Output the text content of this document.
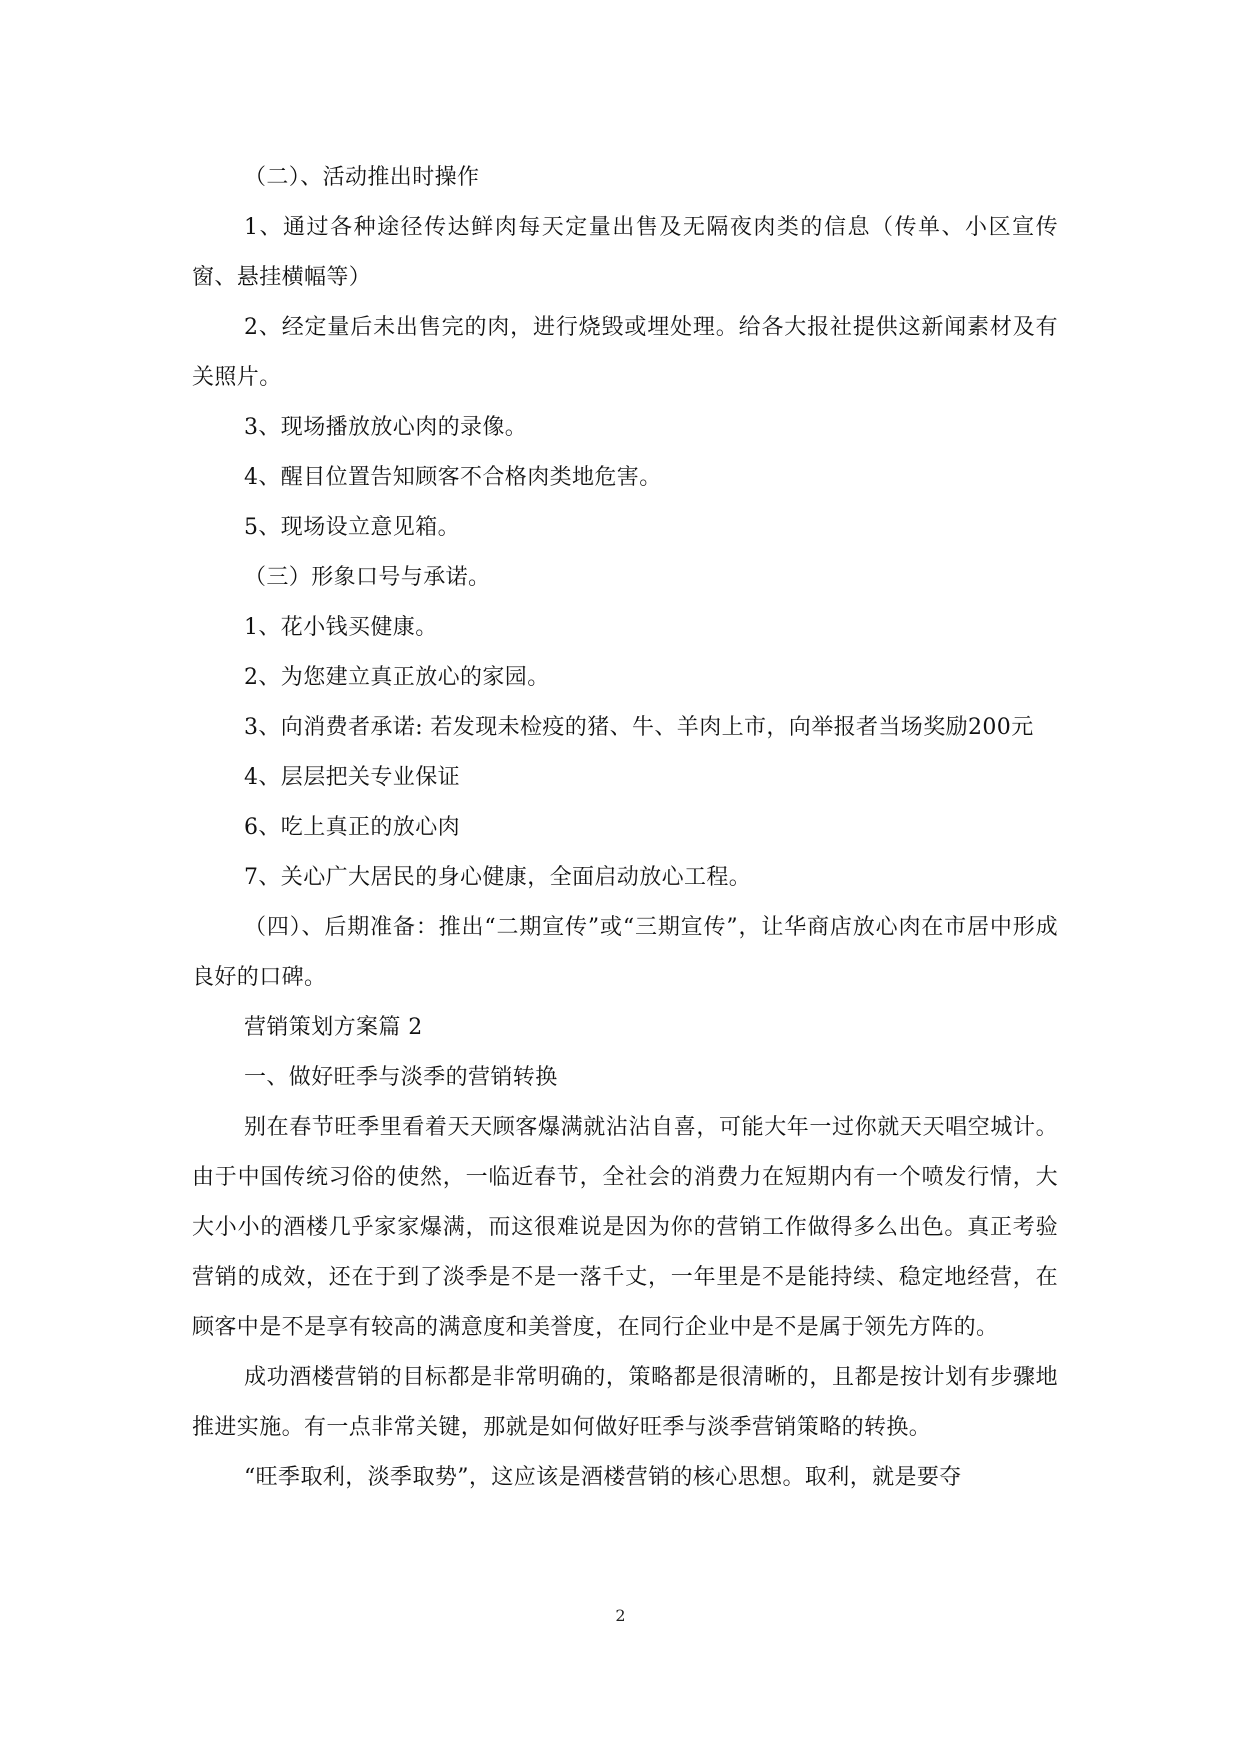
（二）、活动推出时操作

1、通过各种途径传达鲜肉每天定量出售及无隔夜肉类的信息（传单、小区宣传窗、悬挂横幅等）

2、经定量后未出售完的肉，进行烧毁或埋处理。给各大报社提供这新闻素材及有关照片。

3、现场播放放心肉的录像。

4、醒目位置告知顾客不合格肉类地危害。

5、现场设立意见箱。

（三）形象口号与承诺。

1、花小钱买健康。

2、为您建立真正放心的家园。

3、向消费者承诺: 若发现未检疫的猪、牛、羊肉上市，向举报者当场奖励200元

4、层层把关专业保证

6、吃上真正的放心肉

7、关心广大居民的身心健康，全面启动放心工程。

（四）、后期准备：推出“二期宣传”或“三期宣传”，让华商店放心肉在市居中形成良好的口碑。

营销策划方案篇 2

一、做好旺季与淡季的营销转换

别在春节旺季里看着天天顾客爆满就沾沾自喜，可能大年一过你就天天唱空城计。由于中国传统习俗的使然，一临近春节，全社会的消费力在短期内有一个喷发行情，大大小小的酒楼几乎家家爆满，而这很难说是因为你的营销工作做得多么出色。真正考验营销的成效，还在于到了淡季是不是一落千丈，一年里是不是能持续、稳定地经营，在顾客中是不是享有较高的满意度和美誉度，在同行企业中是不是属于领先方阵的。

成功酒楼营销的目标都是非常明确的，策略都是很清晰的，且都是按计划有步骤地推进实施。有一点非常关键，那就是如何做好旺季与淡季营销策略的转换。

“旺季取利，淡季取势”，这应该是酒楼营销的核心思想。取利，就是要夺

2
